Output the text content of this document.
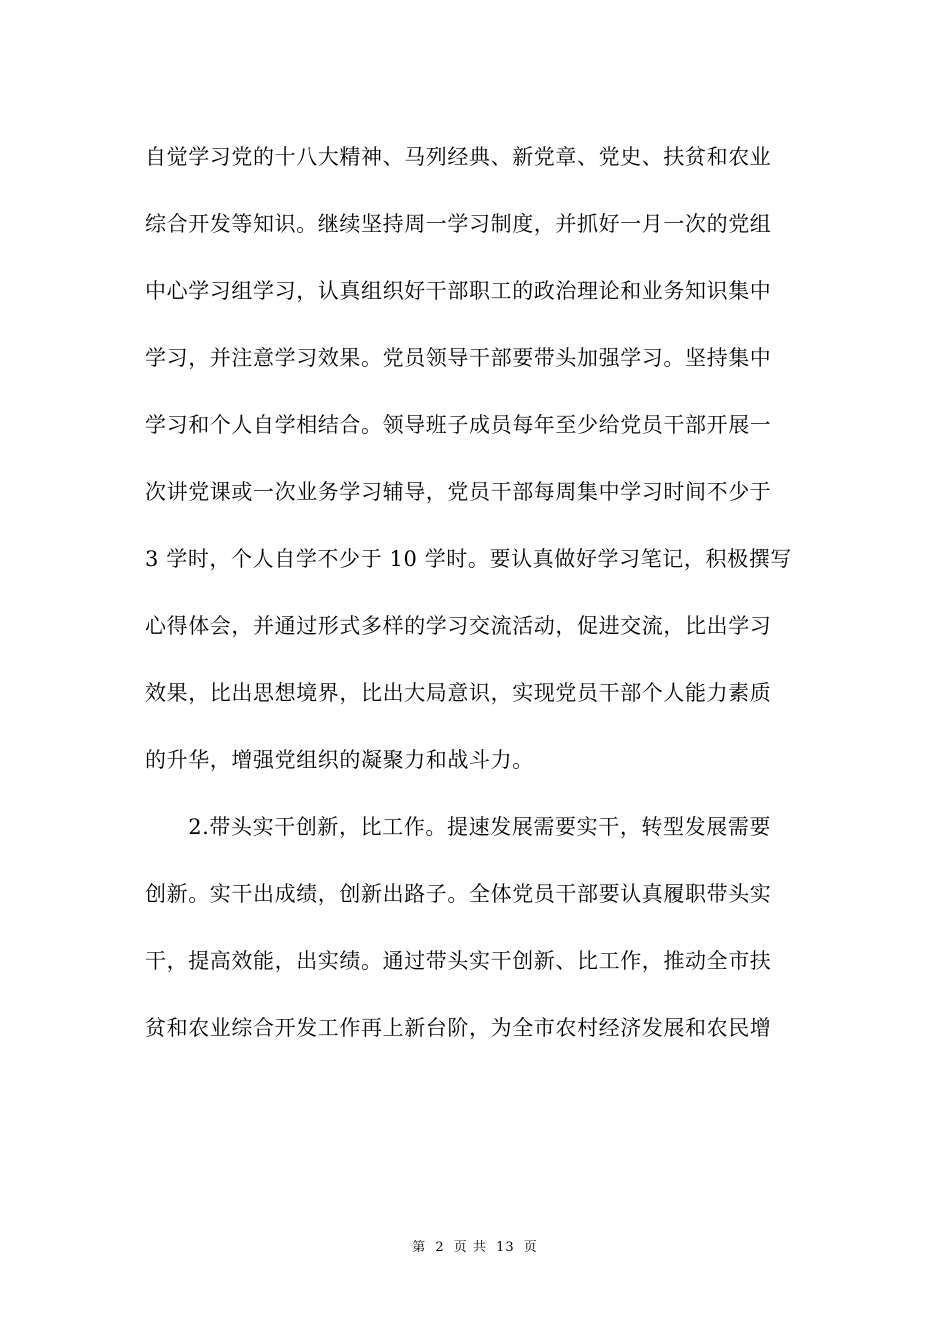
自觉学习党的十八大精神、马列经典、新党章、党史、扶贫和农业
综合开发等知识。继续坚持周一学习制度，并抓好一月一次的党组
中心学习组学习，认真组织好干部职工的政治理论和业务知识集中
学习，并注意学习效果。党员领导干部要带头加强学习。坚持集中
学习和个人自学相结合。领导班子成员每年至少给党员干部开展一
次讲党课或一次业务学习辅导，党员干部每周集中学习时间不少于
3 学时，个人自学不少于 10 学时。要认真做好学习笔记，积极撰写
心得体会，并通过形式多样的学习交流活动，促进交流，比出学习
效果，比出思想境界，比出大局意识，实现党员干部个人能力素质
的升华，增强党组织的凝聚力和战斗力。
　　2.带头实干创新，比工作。提速发展需要实干，转型发展需要
创新。实干出成绩，创新出路子。全体党员干部要认真履职带头实
干，提高效能，出实绩。通过带头实干创新、比工作，推动全市扶
贫和农业综合开发工作再上新台阶，为全市农村经济发展和农民增
第 2 页 共 13 页
